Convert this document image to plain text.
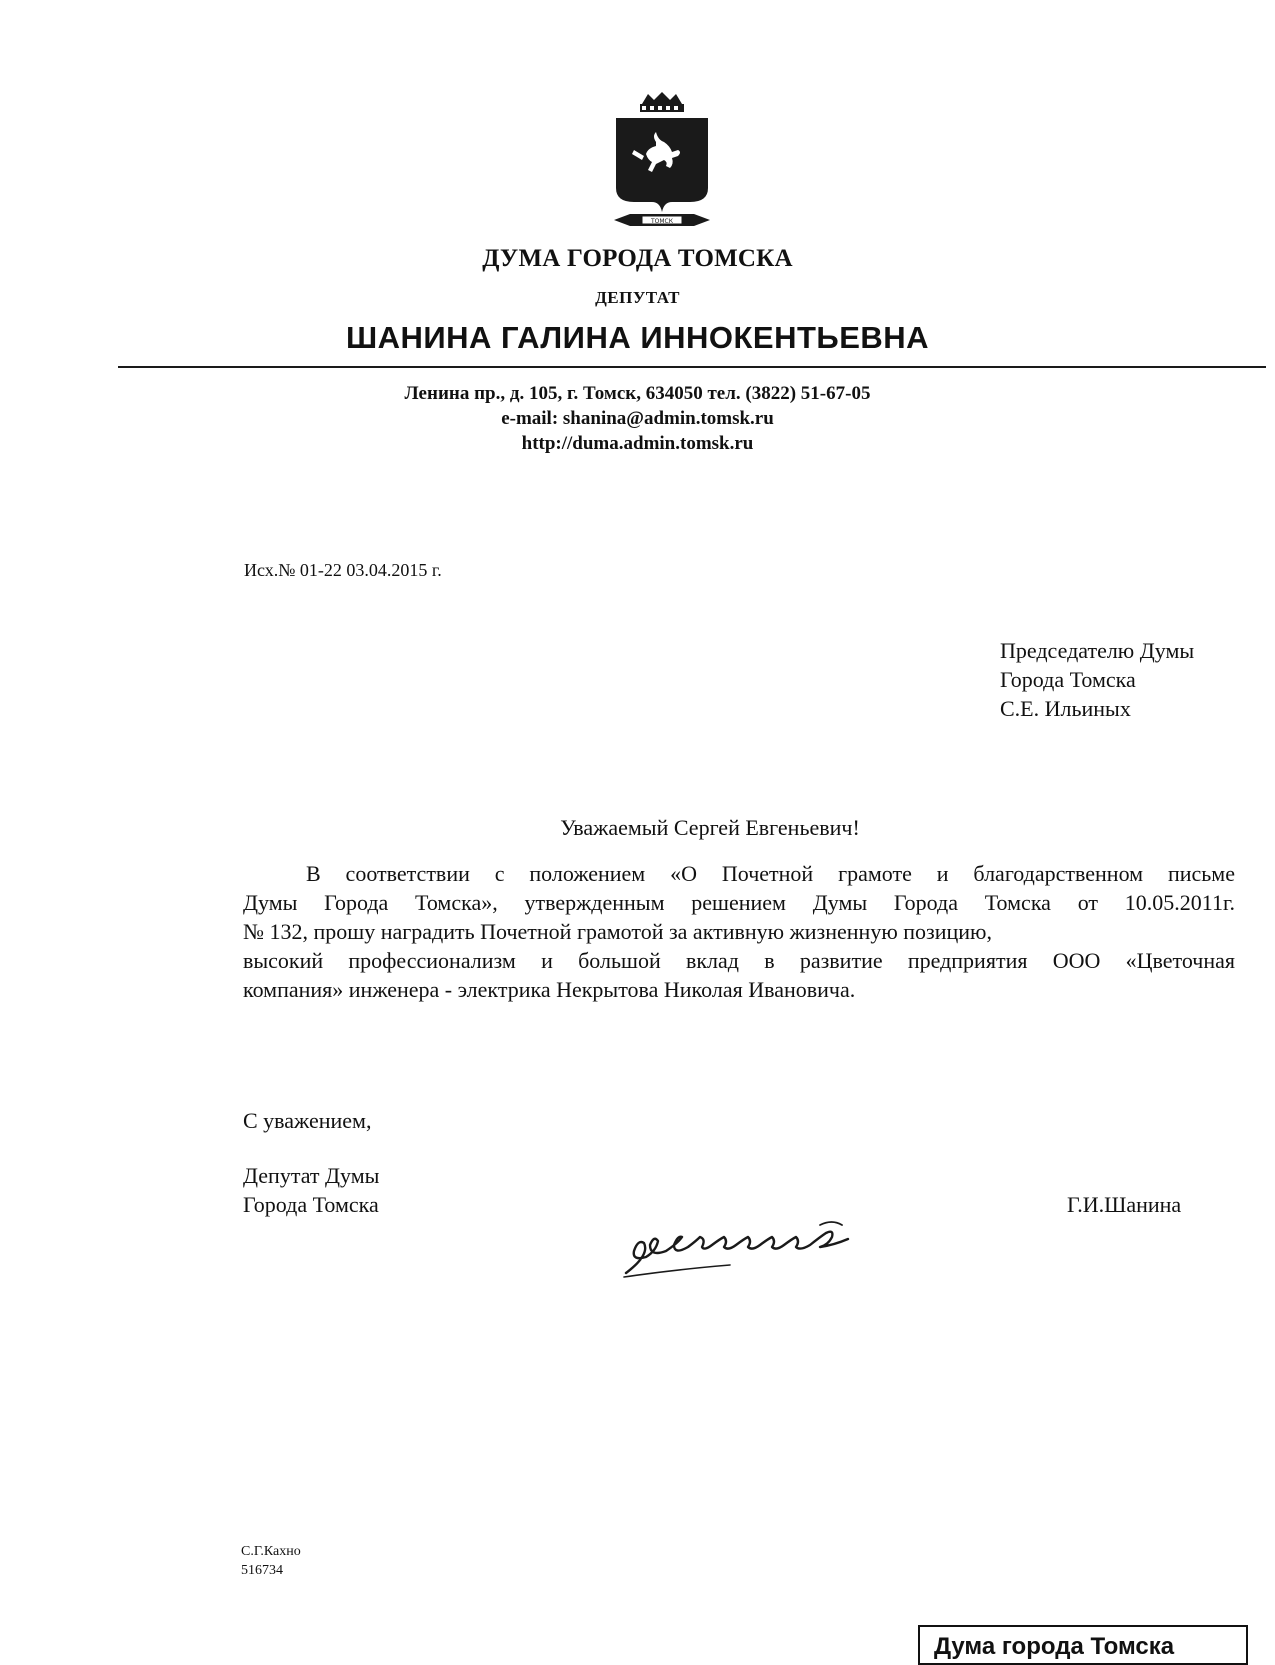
ТОМСК
ДУМА ГОРОДА ТОМСКА
ДЕПУТАТ
ШАНИНА ГАЛИНА ИННОКЕНТЬЕВНА
Ленина пр., д. 105, г. Томск, 634050 тел. (3822) 51-67-05
e-mail: shanina@admin.tomsk.ru
http://duma.admin.tomsk.ru
Исх.№ 01-22 03.04.2015 г.
Председателю Думы
Города Томска
С.Е. Ильиных
Уважаемый Сергей Евгеньевич!
В соответствии с положением «О Почетной грамоте и благодарственном письме
Думы Города Томска», утвержденным решением Думы Города Томска от 10.05.2011г.
№ 132, прошу наградить Почетной грамотой за активную жизненную позицию,
высокий профессионализм и большой вклад в развитие предприятия ООО «Цветочная
компания» инженера - электрика Некрытова Николая Ивановича.
С уважением,
Депутат Думы
Города Томска	Г.И.Шанина
С.Г.Кахно
516734
Дума города Томска
